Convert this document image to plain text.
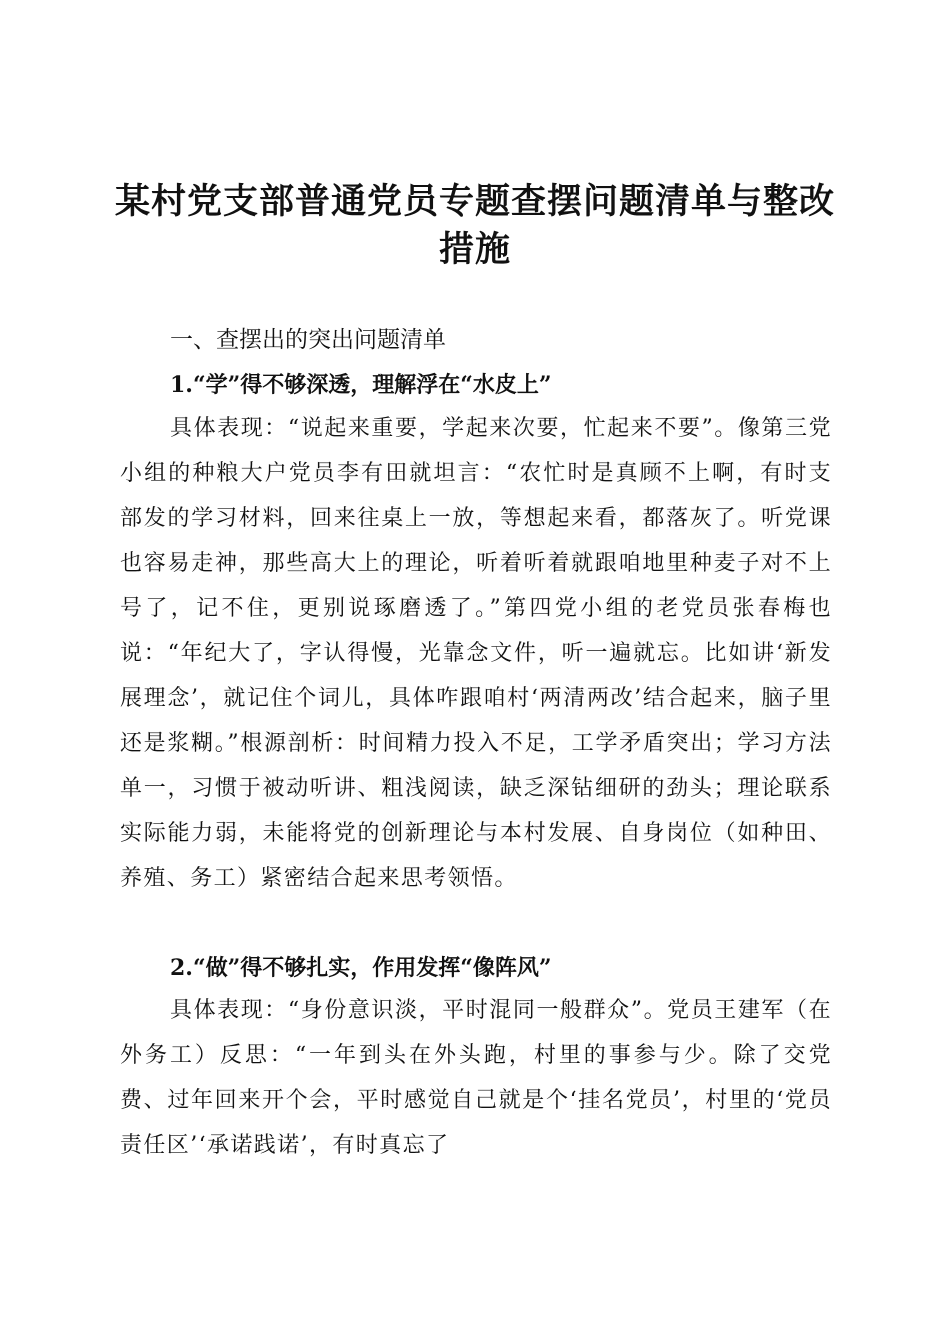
某村党支部普通党员专题查摆问题清单与整改措施
一、查摆出的突出问题清单
1.“学”得不够深透，理解浮在“水皮上”

具体表现：“说起来重要，学起来次要，忙起来不要”。像第三党小组的种粮大户党员李有田就坦言：“农忙时是真顾不上啊，有时支部发的学习材料，回来往桌上一放，等想起来看，都落灰了。听党课也容易走神，那些高大上的理论，听着听着就跟咱地里种麦子对不上号了，记不住，更别说琢磨透了。”第四党小组的老党员张春梅也说：“年纪大了，字认得慢，光靠念文件，听一遍就忘。比如讲‘新发展理念’，就记住个词儿，具体咋跟咱村‘两清两改’结合起来，脑子里还是浆糊。”根源剖析：时间精力投入不足，工学矛盾突出；学习方法单一，习惯于被动听讲、粗浅阅读，缺乏深钻细研的劲头；理论联系实际能力弱，未能将党的创新理论与本村发展、自身岗位（如种田、养殖、务工）紧密结合起来思考领悟。

2.“做”得不够扎实，作用发挥“像阵风”

具体表现：“身份意识淡，平时混同一般群众”。党员王建军（在外务工）反思：“一年到头在外头跑，村里的事参与少。除了交党费、过年回来开个会，平时感觉自己就是个‘挂名党员’，村里的‘党员责任区’‘承诺践诺’，有时真忘了
